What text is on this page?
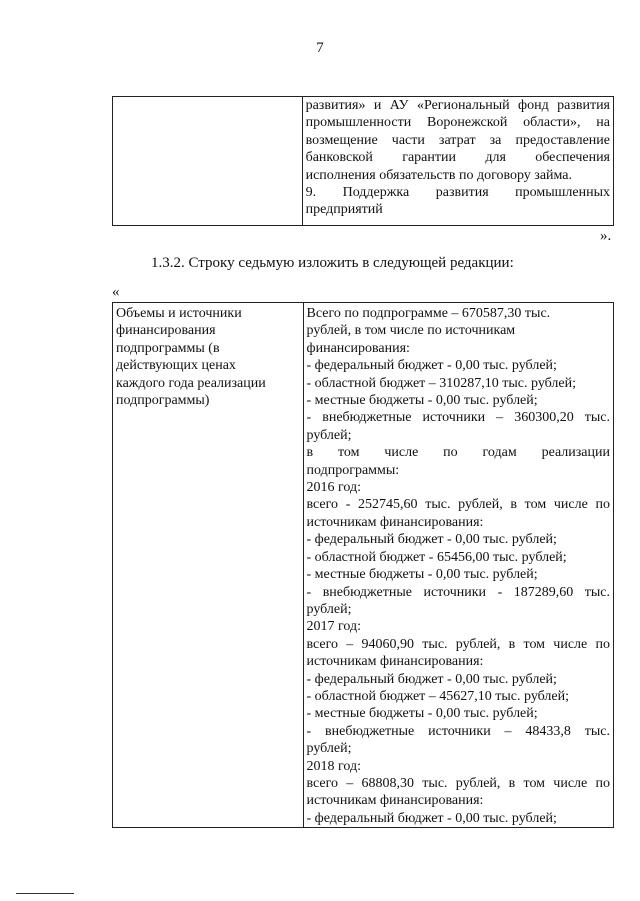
7

развития» и АУ «Региональный фонд развития
промышленности Воронежской области», на
возмещение части затрат за предоставление
банковской гарантии для обеспечения
исполнения обязательств по договору займа.
9. Поддержка развития промышленных
предприятий
».
1.3.2. Строку седьмую изложить в следующей редакции:
«
Объемы и источники
финансирования
подпрограммы (в
действующих ценах
каждого года реализации
подпрограммы)

Всего по подпрограмме – 670587,30 тыс.
рублей, в том числе по источникам
финансирования:
- федеральный бюджет - 0,00 тыс. рублей;
- областной бюджет – 310287,10 тыс. рублей;
- местные бюджеты - 0,00 тыс. рублей;
- внебюджетные источники – 360300,20 тыс.
рублей;
в том числе по годам реализации
подпрограммы:
2016 год:
всего - 252745,60 тыс. рублей, в том числе по
источникам финансирования:
- федеральный бюджет - 0,00 тыс. рублей;
- областной бюджет - 65456,00 тыс. рублей;
- местные бюджеты - 0,00 тыс. рублей;
- внебюджетные источники - 187289,60 тыс.
рублей;
2017 год:
всего – 94060,90 тыс. рублей, в том числе по
источникам финансирования:
- федеральный бюджет - 0,00 тыс. рублей;
- областной бюджет – 45627,10 тыс. рублей;
- местные бюджеты - 0,00 тыс. рублей;
- внебюджетные источники – 48433,8 тыс.
рублей;
2018 год:
всего – 68808,30 тыс. рублей, в том числе по
источникам финансирования:
- федеральный бюджет - 0,00 тыс. рублей;
